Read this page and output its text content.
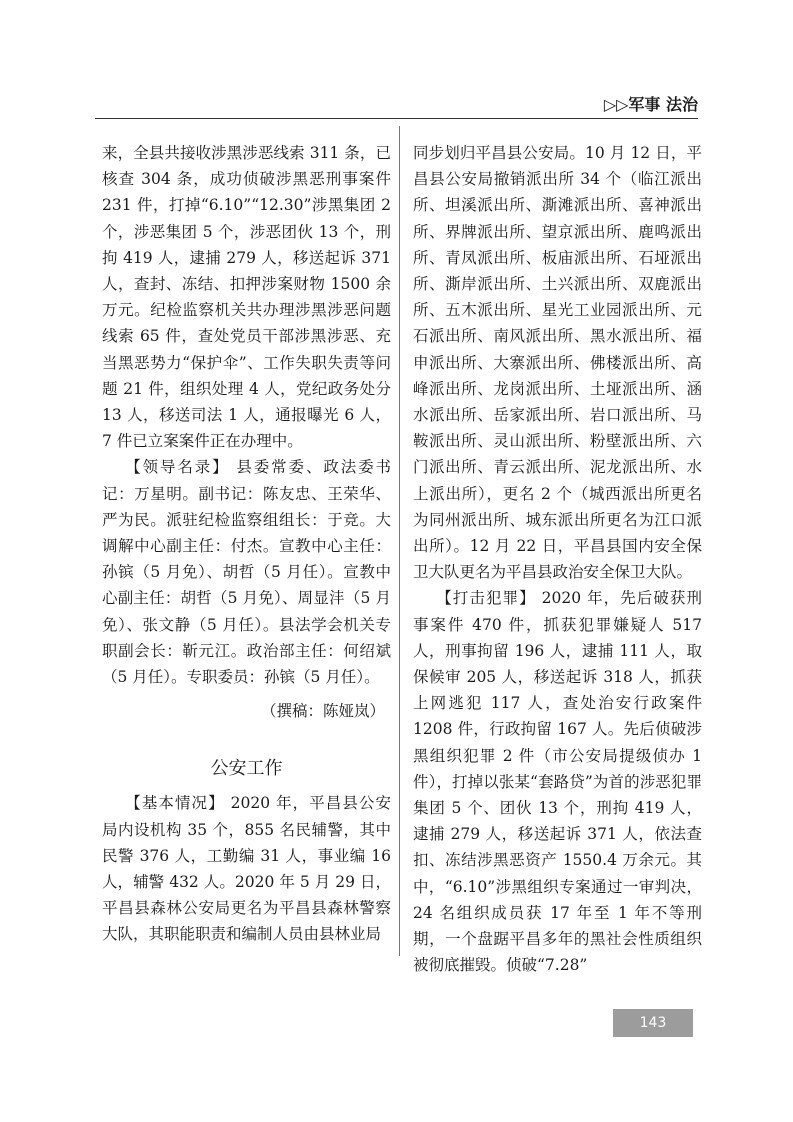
▷▷军事 法治

来，全县共接收涉黑涉恶线索 311 条，已核查 304 条，成功侦破涉黑恶刑事案件 231 件，打掉“6.10”“12.30”涉黑集团 2 个，涉恶集团 5 个，涉恶团伙 13 个，刑拘 419 人，逮捕 279 人，移送起诉 371 人，查封、冻结、扣押涉案财物 1500 余万元。纪检监察机关共办理涉黑涉恶问题线索 65 件，查处党员干部涉黑涉恶、充当黑恶势力“保护伞”、工作失职失责等问题 21 件，组织处理 4 人，党纪政务处分 13 人，移送司法 1 人，通报曝光 6 人，7 件已立案案件正在办理中。

【领导名录】 县委常委、政法委书记：万星明。副书记：陈友忠、王荣华、严为民。派驻纪检监察组组长：于竞。大调解中心副主任：付杰。宣教中心主任：孙镔（5 月免）、胡哲（5 月任）。宣教中心副主任：胡哲（5 月免）、周显沣（5 月免）、张文静（5 月任）。县法学会机关专职副会长：靳元江。政治部主任：何绍斌（5 月任）。专职委员：孙镔（5 月任）。

（撰稿：陈娅岚）

公安工作

【基本情况】 2020 年，平昌县公安局内设机构 35 个，855 名民辅警，其中民警 376 人，工勤编 31 人，事业编 16 人，辅警 432 人。2020 年 5 月 29 日，平昌县森林公安局更名为平昌县森林警察大队，其职能职责和编制人员由县林业局

同步划归平昌县公安局。10 月 12 日，平昌县公安局撤销派出所 34 个（临江派出所、坦溪派出所、澌滩派出所、喜神派出所、界牌派出所、望京派出所、鹿鸣派出所、青凤派出所、板庙派出所、石垭派出所、澌岸派出所、土兴派出所、双鹿派出所、五木派出所、星光工业园派出所、元石派出所、南风派出所、黑水派出所、福申派出所、大寨派出所、佛楼派出所、高峰派出所、龙岗派出所、土垭派出所、涵水派出所、岳家派出所、岩口派出所、马鞍派出所、灵山派出所、粉壁派出所、六门派出所、青云派出所、泥龙派出所、水上派出所），更名 2 个（城西派出所更名为同州派出所、城东派出所更名为江口派出所）。12 月 22 日，平昌县国内安全保卫大队更名为平昌县政治安全保卫大队。

【打击犯罪】 2020 年，先后破获刑事案件 470 件，抓获犯罪嫌疑人 517 人，刑事拘留 196 人，逮捕 111 人，取保候审 205 人，移送起诉 318 人，抓获上网逃犯 117 人，查处治安行政案件 1208 件，行政拘留 167 人。先后侦破涉黑组织犯罪 2 件（市公安局提级侦办 1 件），打掉以张某“套路贷”为首的涉恶犯罪集团 5 个、团伙 13 个，刑拘 419 人，逮捕 279 人，移送起诉 371 人，依法查扣、冻结涉黑恶资产 1550.4 万余元。其中，“6.10”涉黑组织专案通过一审判决，24 名组织成员获 17 年至 1 年不等刑期，一个盘踞平昌多年的黑社会性质组织被彻底摧毁。侦破“7.28”

143
